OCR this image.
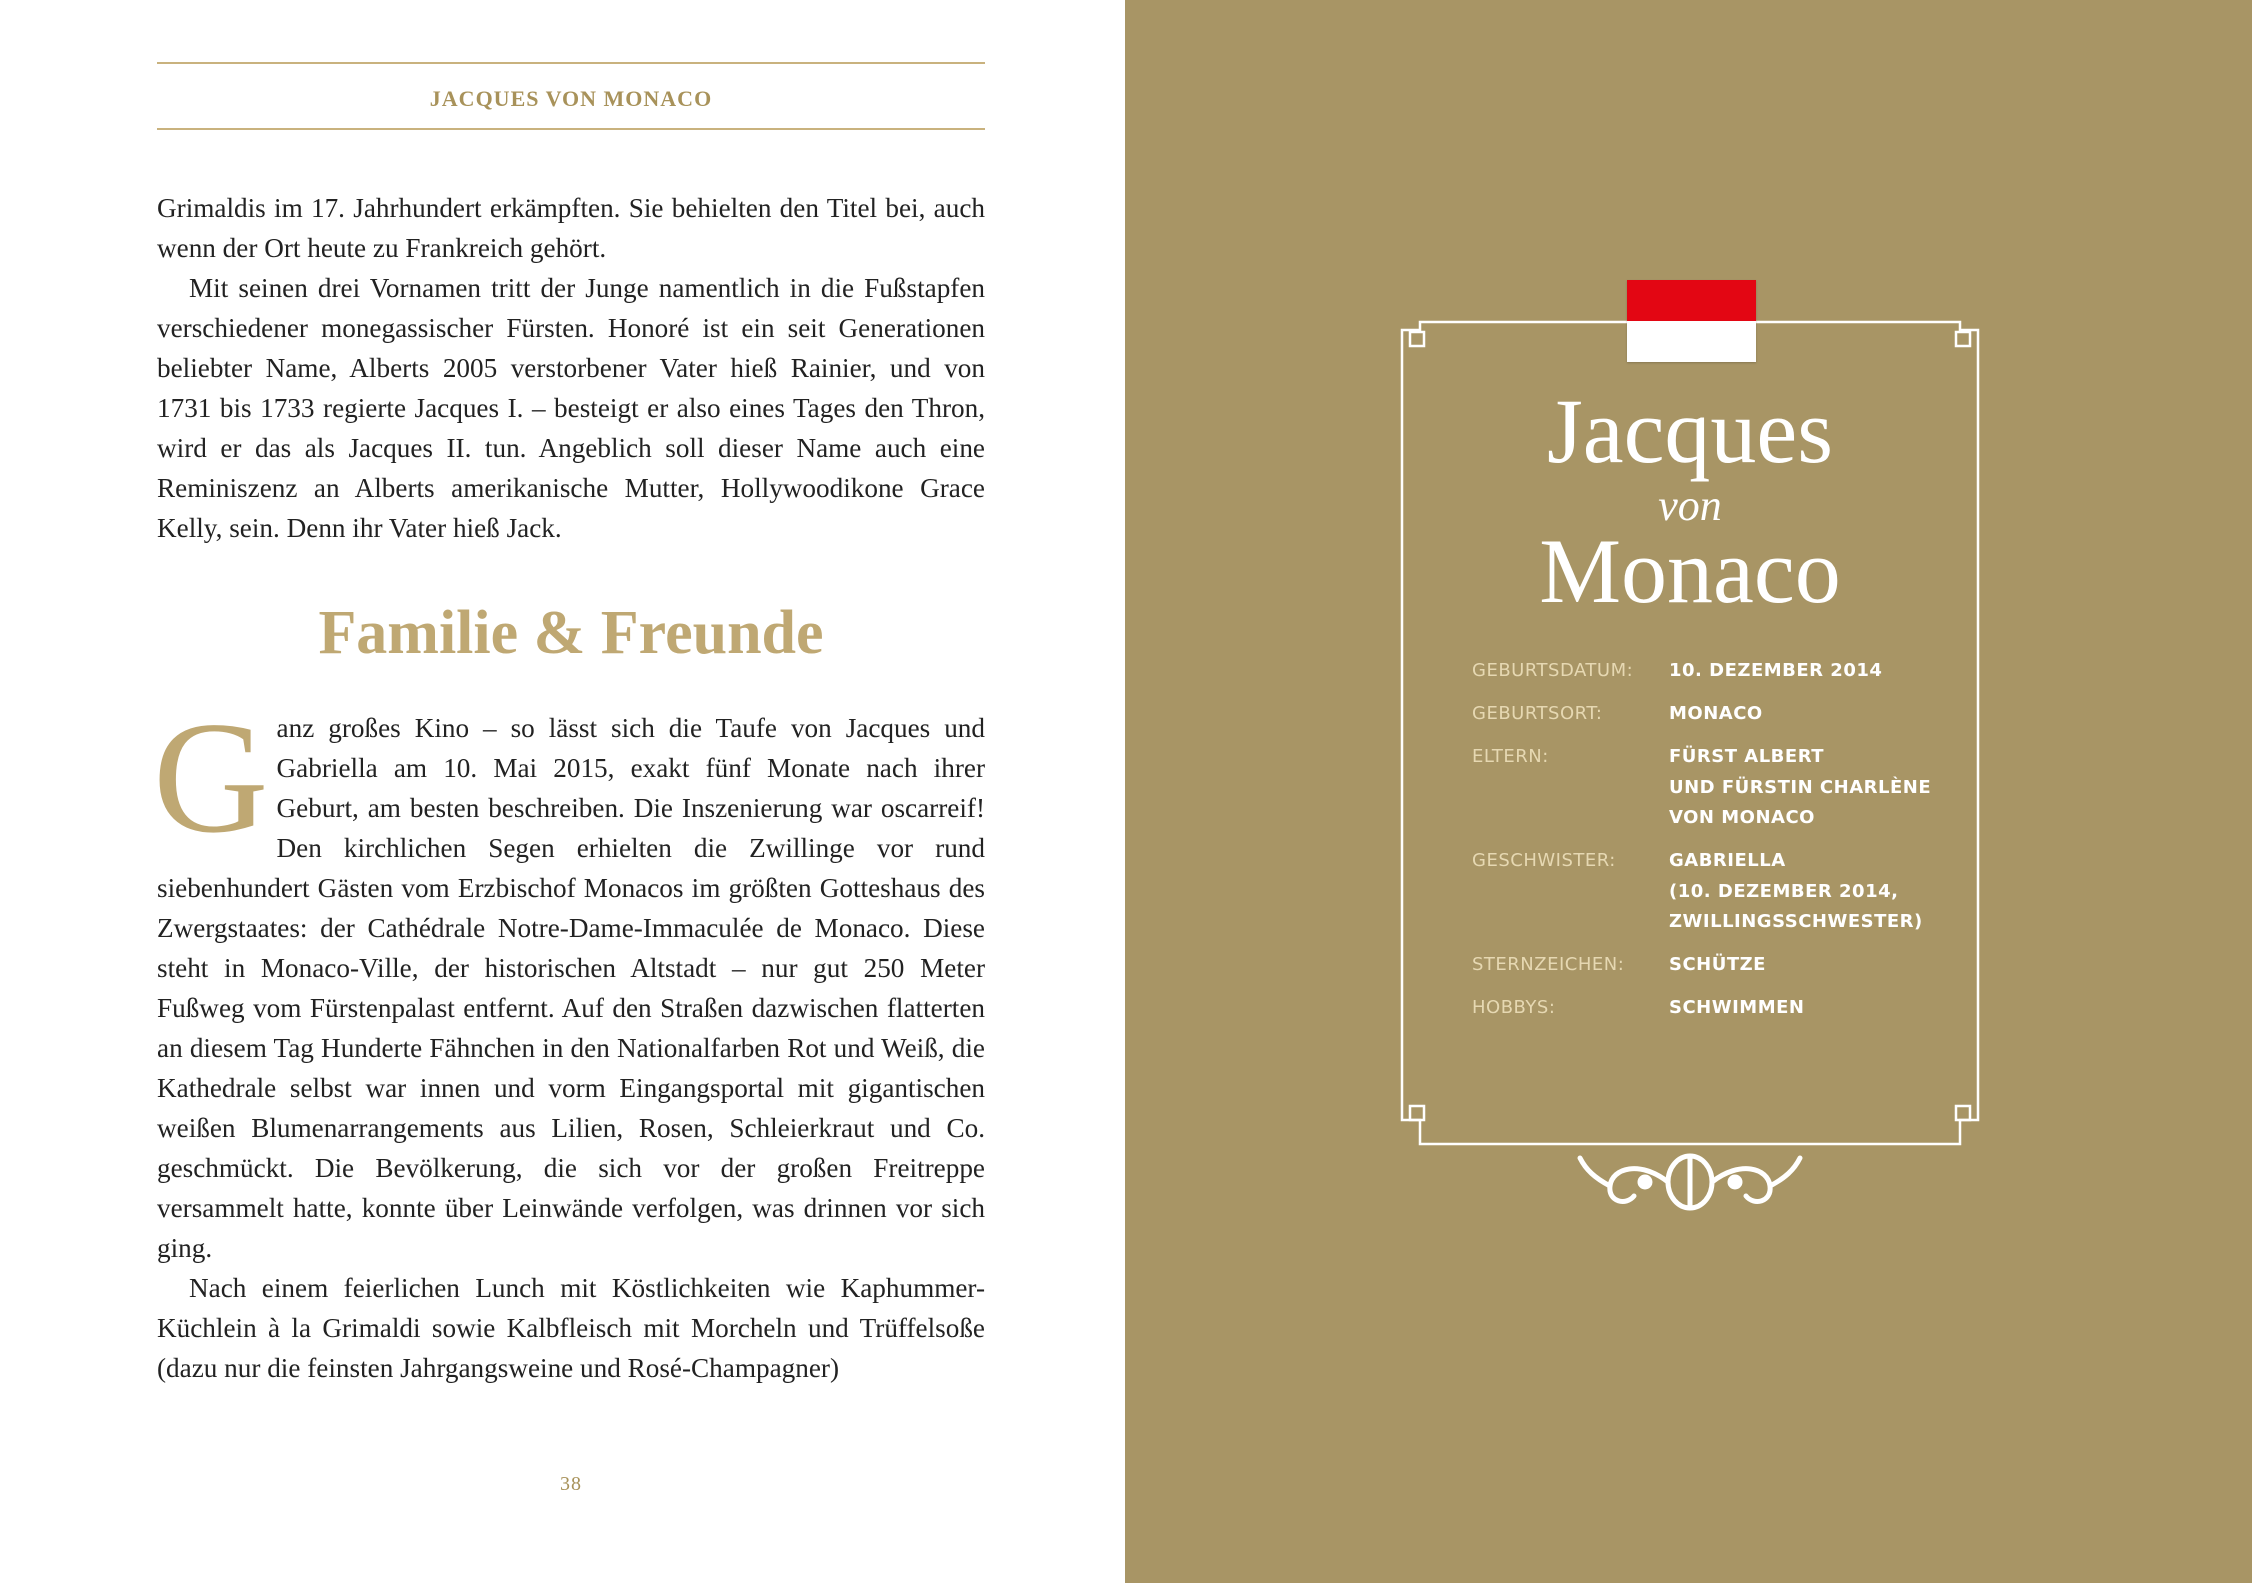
JACQUES VON MONACO

Grimaldis im 17. Jahrhundert erkämpften. Sie behielten den Titel bei, auch wenn der Ort heute zu Frankreich gehört.

Mit seinen drei Vornamen tritt der Junge namentlich in die Fußstapfen verschiedener monegassischer Fürsten. Honoré ist ein seit Generationen beliebter Name, Alberts 2005 verstorbener Vater hieß Rainier, und von 1731 bis 1733 regierte Jacques I. – besteigt er also eines Tages den Thron, wird er das als Jacques II. tun. Angeblich soll dieser Name auch eine Reminiszenz an Alberts amerikanische Mutter, Hollywoodikone Grace Kelly, sein. Denn ihr Vater hieß Jack.

Familie & Freunde

Ganz großes Kino – so lässt sich die Taufe von Jacques und Gabriella am 10. Mai 2015, exakt fünf Monate nach ihrer Geburt, am besten beschreiben. Die Inszenierung war oscarreif! Den kirchlichen Segen erhielten die Zwillinge vor rund siebenhundert Gästen vom Erzbischof Monacos im größten Gotteshaus des Zwergstaates: der Cathédrale Notre-Dame-Immaculée de Monaco. Diese steht in Monaco-Ville, der historischen Altstadt – nur gut 250 Meter Fußweg vom Fürstenpalast entfernt. Auf den Straßen dazwischen flatterten an diesem Tag Hunderte Fähnchen in den Nationalfarben Rot und Weiß, die Kathedrale selbst war innen und vorm Eingangsportal mit gigantischen weißen Blumenarrangements aus Lilien, Rosen, Schleierkraut und Co. geschmückt. Die Bevölkerung, die sich vor der großen Freitreppe versammelt hatte, konnte über Leinwände verfolgen, was drinnen vor sich ging.

Nach einem feierlichen Lunch mit Köstlichkeiten wie Kaphummer-Küchlein à la Grimaldi sowie Kalbfleisch mit Morcheln und Trüffelsoße (dazu nur die feinsten Jahrgangsweine und Rosé-Champagner)

38
Jacques
von
Monaco
GEBURTSDATUM:	10. DEZEMBER 2014
GEBURTSORT:	MONACO
ELTERN:	FÜRST ALBERT
UND FÜRSTIN CHARLÈNE
VON MONACO
GESCHWISTER:	GABRIELLA
(10. DEZEMBER 2014,
ZWILLINGSSCHWESTER)
STERNZEICHEN:	SCHÜTZE
HOBBYS:	SCHWIMMEN
